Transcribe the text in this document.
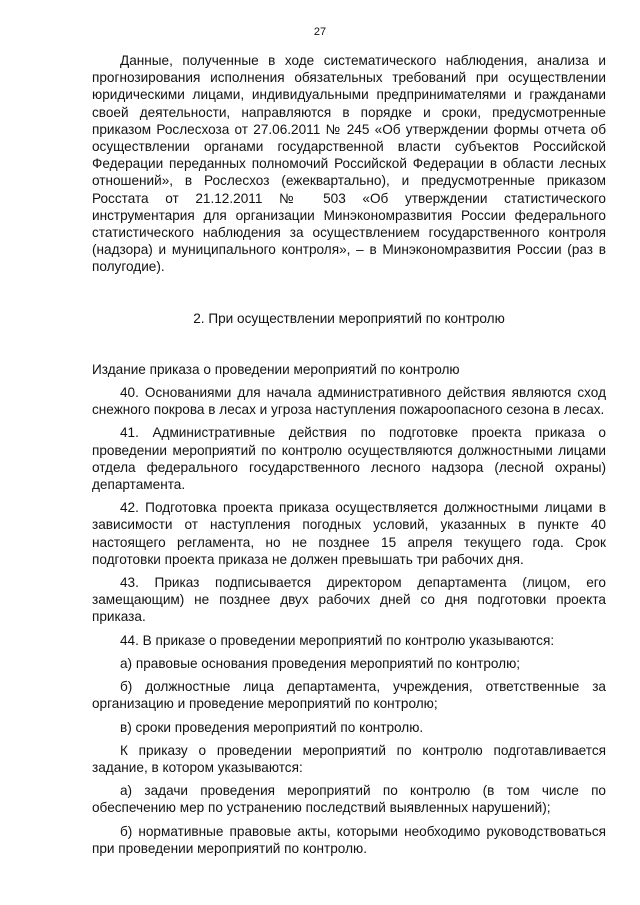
27

Данные, полученные в ходе систематического наблюдения, анализа и прогнозирования исполнения обязательных требований при осуществлении юридическими лицами, индивидуальными предпринимателями и гражданами своей деятельности, направляются в порядке и сроки, предусмотренные приказом Рослесхоза от 27.06.2011 № 245 «Об утверждении формы отчета об осуществлении органами государственной власти субъектов Российской Федерации переданных полномочий Российской Федерации в области лесных отношений», в Рослесхоз (ежеквартально), и предусмотренные приказом Росстата от 21.12.2011 № 503 «Об утверждении статистического инструментария для организации Минэкономразвития России федерального статистического наблюдения за осуществлением государственного контроля (надзора) и муниципального контроля», – в Минэкономразвития России (раз в полугодие).

2. При осуществлении мероприятий по контролю

Издание приказа о проведении мероприятий по контролю

40. Основаниями для начала административного действия являются сход снежного покрова в лесах и угроза наступления пожароопасного сезона в лесах.

41. Административные действия по подготовке проекта приказа о проведении мероприятий по контролю осуществляются должностными лицами отдела федерального государственного лесного надзора (лесной охраны) департамента.

42. Подготовка проекта приказа осуществляется должностными лицами в зависимости от наступления погодных условий, указанных в пункте 40 настоящего регламента, но не позднее 15 апреля текущего года. Срок подготовки проекта приказа не должен превышать три рабочих дня.

43. Приказ подписывается директором департамента (лицом, его замещающим) не позднее двух рабочих дней со дня подготовки проекта приказа.

44. В приказе о проведении мероприятий по контролю указываются:

а) правовые основания проведения мероприятий по контролю;

б) должностные лица департамента, учреждения, ответственные за организацию и проведение мероприятий по контролю;

в) сроки проведения мероприятий по контролю.

К приказу о проведении мероприятий по контролю подготавливается задание, в котором указываются:

а) задачи проведения мероприятий по контролю (в том числе по обеспечению мер по устранению последствий выявленных нарушений);

б) нормативные правовые акты, которыми необходимо руководствоваться при проведении мероприятий по контролю.
